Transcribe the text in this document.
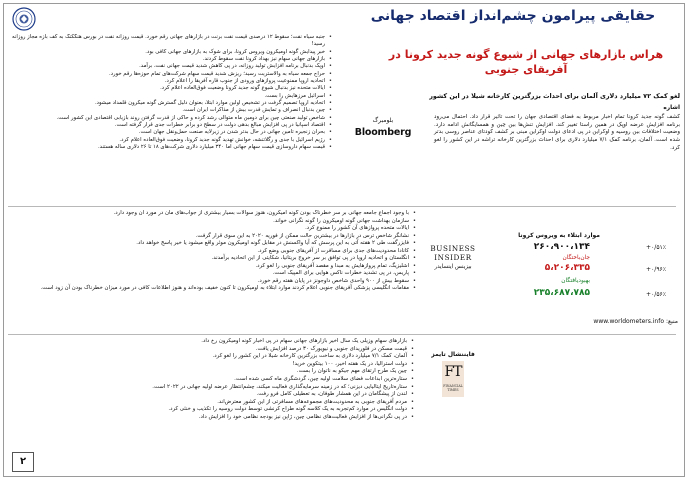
• جنبه سیاه نفت؛ سقوط ۱۲ درصدی قیمت نفت برنت در بازارهای جهانی رقم خورد. قیمت روزانه نفت در بورس هنگکنگ به کف بازه مجاز روزانه رسید!
• خبر پیدایش گونه اومیکرون ویروس کرونا، برای شوک به بازارهای جهانی کافی بود.
• بازارهای جهانی سهام نیز بهداد کرونا نفت سقوط کردند.
• اوپک بدنبال برنامه افزایش تولید روزانه، در پی کاهش شدید قیمت جهانی نفت، برآمد.
• حراج جمعه سیاه به والاستریت رسید؛ ریزش شدید قیمت سهام شرکت‌های تمام حوزه‌ها رقم خورد.
• اتحادیه اروپا ممنوعیت پروازهای ورودی از جنوب قاره آفریقا را اعلام کرد.
• ایالات متحده نیز بدنبال شیوع گونه جدید کرونا وضعیت فوق‌العاده اعلام کرد.
• اسرائیل مرزهایش را بست.
• اتحادیه اروپا تصمیم گرفت در تشخیص اولین موارد ابتلا، بعنوان دلیل گسترش گونه میکرون قلمداد میشود.
• چین بدنبال انصراف و تمایش قدرت بیش از مذاکرات ایران است.
• شاخص تولید صنعتی چین برای دومین ماه متوالی رشد کرده و حاکی از قدرت گرفتن روند بازیابی اقتصادی این کشور است.
• اقتصاد اسپانیا در پی افزایش مبالغ بدهی دولت در سطح دو برابر خطرات جدی قرار گرفته است.
• بحران زنجیره تامین جهانی در حال بدتر شدن در زیرلایه صنعت حمل‌ونقل جهان است.
• رژیم اسرائیل با جدی و رگلاتنشه، خوانش تهدید گونه جدید کرونا، وضعیت فوق‌العاده اعلام کرد.
• قیمت سهام داروسازی قیمت سهام جهانی اما ۳۴۰ میلیارد دلاری شرکت‌های ۱۸ تا ۲۶ دلاری ساله هستند.
بلومبرگ
Bloomberg
حقایقی پیرامون چشم‌انداز اقتصاد جهانی
هراس بازارهای جهانی از شیوع گونه جدید کرونا در آفریقای جنوبی
لغو کمک ۷۲ میلیارد دلاری آلمان برای احداث بزرگترین کارخانه شیلا در این کشور
اشاره
کشف گونه جدید کرونا تمام اخبار مربوط به فضای اقتصادی جهان را تحت تاثیر قرار داد. احتمال می‌رود برنامه افزایش عرضه اوپک در همین راستا تغییر کند. افزایش تنش‌ها بین چین و همسایگانش ادامه دارد. وضعیت اختلافات بین روسیه و اوکراین در پی ادعای دولت اوکراین مبنی بر کشف کودتای عناصر روسی بدتر شده است. آلمان، برنامه کمک ۷/۱ میلیارد دلاری برای احداث بزرگترین کارخانه تراشه در این کشور را لغو کرد.
• با وجود اجماع جامعه جهانی بر سر خطرناک بودن گونه اُمیکرون، هنوز سوالات بسیار بیشتری از جواب‌های مان در مورد آن وجود دارد.
• سازمان بهداشت جهانی گونه اومیکرون را گونه نگرانی خواند.
• ایالات متحده پروازهای آن کشور را ممنوع کرد.
• نشانگر شاخص ترس در بازارها در بیشترین حالت ممکن از فوریه ۲۰۲۰ به این سوی قرار گرفت.
• فایزرگفت طی ۲ هفته آتی به این پرسش که آیا واکسنش در مقابل گونه اومیکرون موثر واقع میشود یا خیر پاسخ خواهد داد.
• کانادا محدودیت‌های جدی برای مسافرت از آفریقای جنوبی وضع کرد.
• انگلستان و اتحادیه اروپا در پی توافق بر سر خروج بریتانیا، شکایتی از این اتحادیه برآمدند.
• اشلیزیگ، تمام پروازهایش به مبدا و مقصد آفریقای جنوبی را لغو کرد.
• پاریس، در پی تشدید خطرات ناکس هوایی برای المپیک است.
• سقوط بیش از ۹۰۰ واحدی شاخص داوجونز در پایان هفته رقم خورد.
• مقامات انگلیسی پزشکی آفریقای جنوبی اعلام کردند موارد ابتلاء به اومیکرون تا کنون خفیف بوده‌اند و هنوز اطلاعات کافی در مورد میزان خطرناک بودن آن زود است.
BUSINESS
INSIDER
بیزینس اینسایدر
موارد ابتلاء به ویروس کرونا
۲۶۰،۹۰۰،۱۳۴	+۰/۵۱٪
جان‌باختگان
۵،۲۰۶،۳۳۵	+۰/۹۶٪
بهبودیافتگان
۲۳۵،۶۸۷،۷۸۵	+۰/۵۶٪
منبع: www.worldometers.info
• بازارهای سهام وزیلی یک سال اخیر بازارهای جهانی سهام در پی اخبار گونه اومیکرون رخ داد.
• قیمت مسکن در فلوریدای جنوبی و نیویورک ۳۰ درصد افزایش یافت.
• آلمان، کمک ۷/۱ میلیارد دلاری به ساخت بزرگترین کارخانه شیلا در این کشور را لغو کرد.
• دولت استرالیا، در یک هفته اخیر، ۱۰۰ بیتکوین خرید!
• چین یک طرح ارتقای مهم جیکو به ناتوان را بست.
• ستاره‌ترین ابداعات فضای سلامت اولیه چین، گردشگری ماه کسی شده است.
• ستاره‌تاریخ ایتالیایی دیزنی؛ که در زمینه سرمایه‌گذاری فعالیت میکند، چشم‌انتظار عرضه اولیه جهانی در ۲۰۲۲ است.
• لندن از پیشگامان در این همشار طوفان، به تعطیلی کامل فرو رفت.
• مردم آفریقای جنوبی به محدودیت‌های مجموعه‌های مسافرتی از این کشور معترض‌اند.
• دولت انگلیس در موارد کم‌تجربه به یک کلاسه گونه طراح کرنشی توسط دولت روسیه را تکذیب و خنثی کرد.
• در پی نگرانی‌ها از افزایش فعالیت‌های نظامی چین، ژاپن نیز بودجه نظامی خود را افزایش داد.
فایننشال تایمز
FT
FINANCIAL
TIMES
۲
